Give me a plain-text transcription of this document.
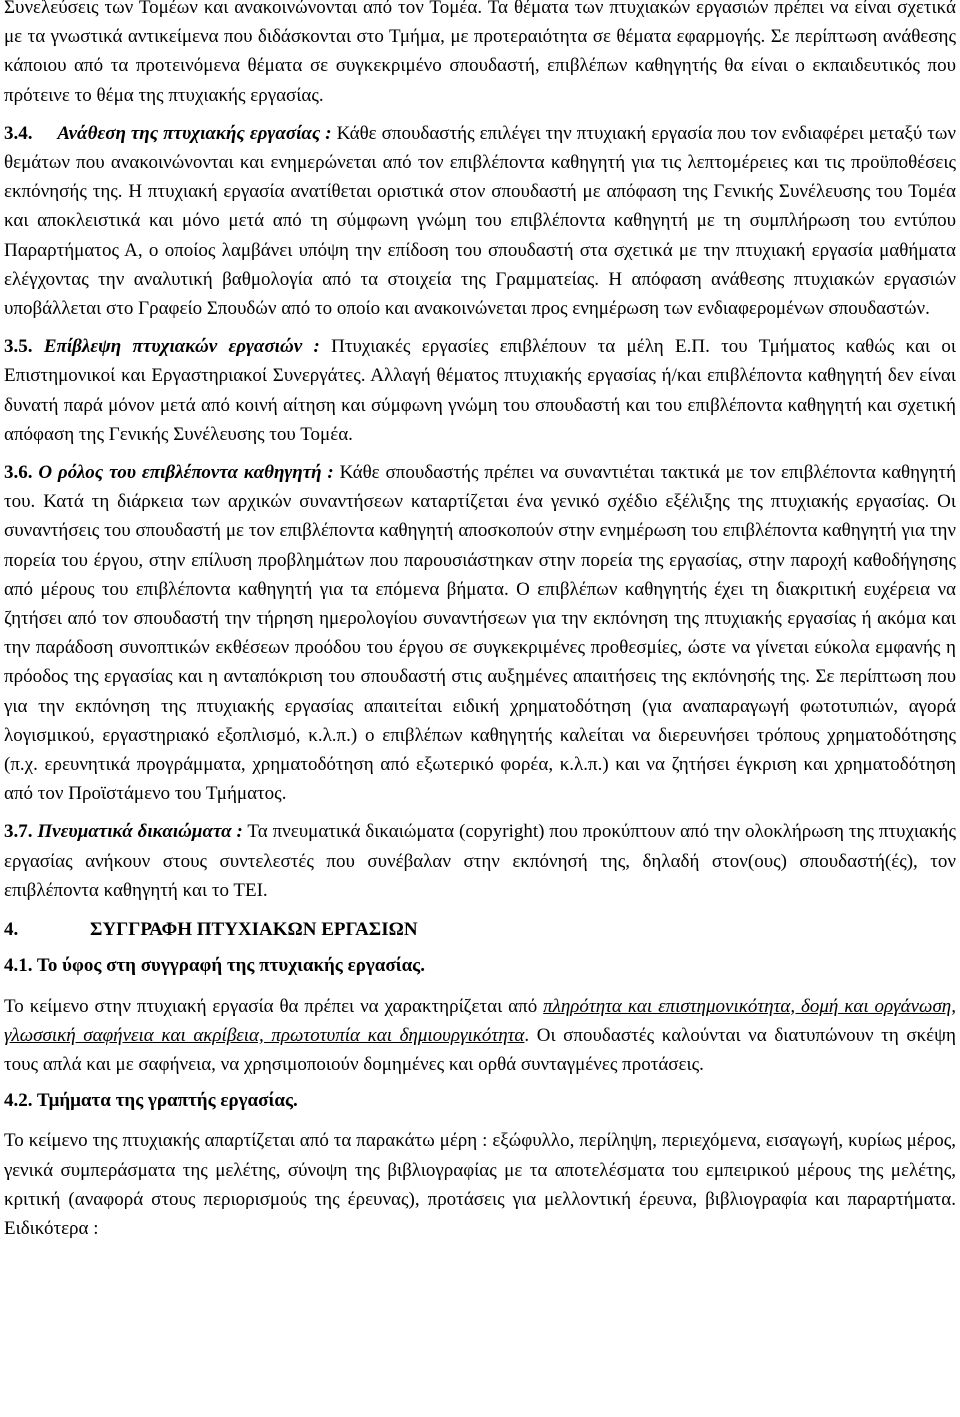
Συνελεύσεις των Τομέων και ανακοινώνονται από τον Τομέα. Τα θέματα των πτυχιακών εργασιών πρέπει να είναι σχετικά με τα γνωστικά αντικείμενα που διδάσκονται στο Τμήμα, με προτεραιότητα σε θέματα εφαρμογής. Σε περίπτωση ανάθεσης κάποιου από τα προτεινόμενα θέματα σε συγκεκριμένο σπουδαστή, επιβλέπων καθηγητής θα είναι ο εκπαιδευτικός που πρότεινε το θέμα της πτυχιακής εργασίας.

3.4. Ανάθεση της πτυχιακής εργασίας : Κάθε σπουδαστής επιλέγει την πτυχιακή εργασία που τον ενδιαφέρει μεταξύ των θεμάτων που ανακοινώνονται και ενημερώνεται από τον επιβλέποντα καθηγητή για τις λεπτομέρειες και τις προϋποθέσεις εκπόνησής της. Η πτυχιακή εργασία ανατίθεται οριστικά στον σπουδαστή με απόφαση της Γενικής Συνέλευσης του Τομέα και αποκλειστικά και μόνο μετά από τη σύμφωνη γνώμη του επιβλέποντα καθηγητή με τη συμπλήρωση του εντύπου Παραρτήματος Α, ο οποίος λαμβάνει υπόψη την επίδοση του σπουδαστή στα σχετικά με την πτυχιακή εργασία μαθήματα ελέγχοντας την αναλυτική βαθμολογία από τα στοιχεία της Γραμματείας. Η απόφαση ανάθεσης πτυχιακών εργασιών υποβάλλεται στο Γραφείο Σπουδών από το οποίο και ανακοινώνεται προς ενημέρωση των ενδιαφερομένων σπουδαστών.

3.5. Επίβλεψη πτυχιακών εργασιών : Πτυχιακές εργασίες επιβλέπουν τα μέλη Ε.Π. του Τμήματος καθώς και οι Επιστημονικοί και Εργαστηριακοί Συνεργάτες. Αλλαγή θέματος πτυχιακής εργασίας ή/και επιβλέποντα καθηγητή δεν είναι δυνατή παρά μόνον μετά από κοινή αίτηση και σύμφωνη γνώμη του σπουδαστή και του επιβλέποντα καθηγητή και σχετική απόφαση της Γενικής Συνέλευσης του Τομέα.

3.6. Ο ρόλος του επιβλέποντα καθηγητή : Κάθε σπουδαστής πρέπει να συναντιέται τακτικά με τον επιβλέποντα καθηγητή του. Κατά τη διάρκεια των αρχικών συναντήσεων καταρτίζεται ένα γενικό σχέδιο εξέλιξης της πτυχιακής εργασίας. Οι συναντήσεις του σπουδαστή με τον επιβλέποντα καθηγητή αποσκοπούν στην ενημέρωση του επιβλέποντα καθηγητή για την πορεία του έργου, στην επίλυση προβλημάτων που παρουσιάστηκαν στην πορεία της εργασίας, στην παροχή καθοδήγησης από μέρους του επιβλέποντα καθηγητή για τα επόμενα βήματα. Ο επιβλέπων καθηγητής έχει τη διακριτική ευχέρεια να ζητήσει από τον σπουδαστή την τήρηση ημερολογίου συναντήσεων για την εκπόνηση της πτυχιακής εργασίας ή ακόμα και την παράδοση συνοπτικών εκθέσεων προόδου του έργου σε συγκεκριμένες προθεσμίες, ώστε να γίνεται εύκολα εμφανής η πρόοδος της εργασίας και η ανταπόκριση του σπουδαστή στις αυξημένες απαιτήσεις της εκπόνησής της. Σε περίπτωση που για την εκπόνηση της πτυχιακής εργασίας απαιτείται ειδική χρηματοδότηση (για αναπαραγωγή φωτοτυπιών, αγορά λογισμικού, εργαστηριακό εξοπλισμό, κ.λ.π.) ο επιβλέπων καθηγητής καλείται να διερευνήσει τρόπους χρηματοδότησης (π.χ. ερευνητικά προγράμματα, χρηματοδότηση από εξωτερικό φορέα, κ.λ.π.) και να ζητήσει έγκριση και χρηματοδότηση από τον Προϊστάμενο του Τμήματος.

3.7. Πνευματικά δικαιώματα : Τα πνευματικά δικαιώματα (copyright) που προκύπτουν από την ολοκλήρωση της πτυχιακής εργασίας ανήκουν στους συντελεστές που συνέβαλαν στην εκπόνησή της, δηλαδή στον(ους) σπουδαστή(ές), τον επιβλέποντα καθηγητή και το ΤΕΙ.

4.	ΣΥΓΓΡΑΦΗ ΠΤΥΧΙΑΚΩΝ ΕΡΓΑΣΙΩΝ

4.1. Το ύφος στη συγγραφή της πτυχιακής εργασίας.

Το κείμενο στην πτυχιακή εργασία θα πρέπει να χαρακτηρίζεται από πληρότητα και επιστημονικότητα, δομή και οργάνωση, γλωσσική σαφήνεια και ακρίβεια, πρωτοτυπία και δημιουργικότητα. Οι σπουδαστές καλούνται να διατυπώνουν τη σκέψη τους απλά και με σαφήνεια, να χρησιμοποιούν δομημένες και ορθά συνταγμένες προτάσεις.

4.2. Τμήματα της γραπτής εργασίας.

Το κείμενο της πτυχιακής απαρτίζεται από τα παρακάτω μέρη : εξώφυλλο, περίληψη, περιεχόμενα, εισαγωγή, κυρίως μέρος, γενικά συμπεράσματα της μελέτης, σύνοψη της βιβλιογραφίας με τα αποτελέσματα του εμπειρικού μέρους της μελέτης, κριτική (αναφορά στους περιορισμούς της έρευνας), προτάσεις για μελλοντική έρευνα, βιβλιογραφία και παραρτήματα. Ειδικότερα :
